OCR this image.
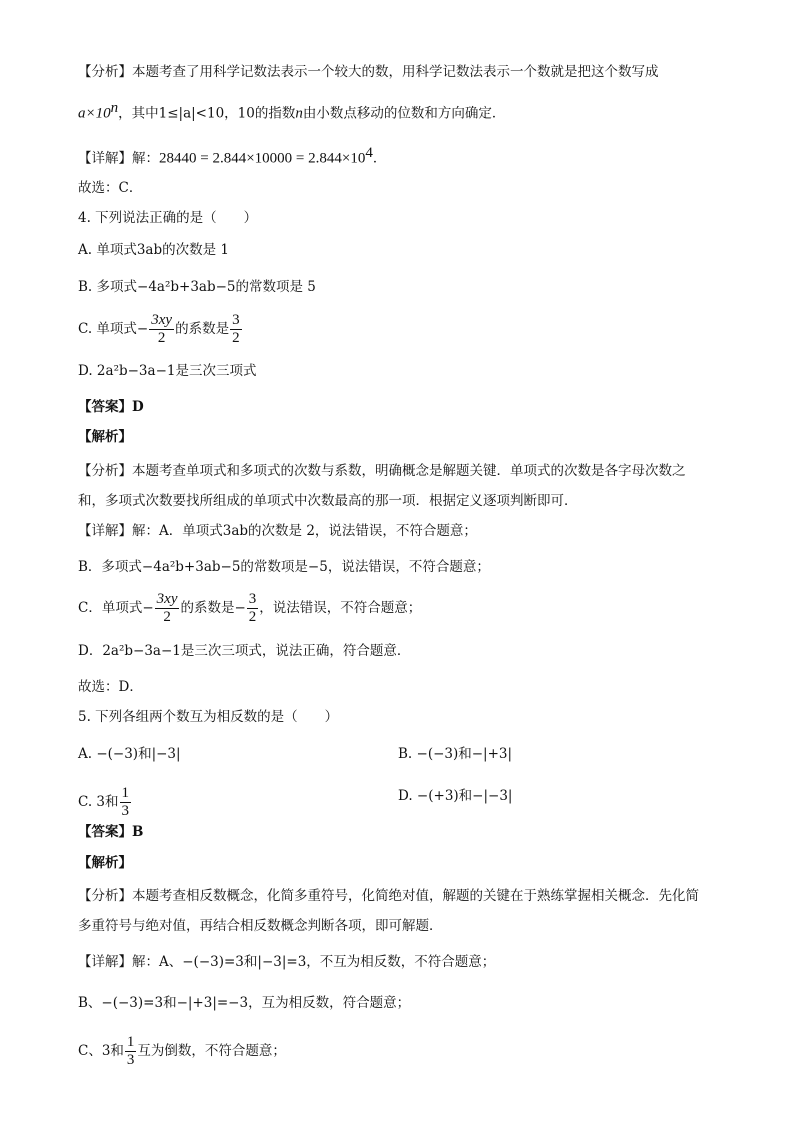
【分析】本题考查了用科学记数法表示一个较大的数，用科学记数法表示一个数就是把这个数写成
$a\times 10^n$，其中1≤|a|<10，10的指数n由小数点移动的位数和方向确定．
【详解】解：$28440 = 2.844\times 10000 = 2.844\times 10^4$．
故选：C．
4. 下列说法正确的是（　　）
A. 单项式3ab的次数是 1
B. 多项式−4a²b+3ab−5的常数项是 5
C. 单项式− $\frac{3xy}{2}$ 的系数是 $\frac{3}{2}$
D. 2a²b−3a−1是三次三项式
【答案】D
【解析】
【分析】本题考查单项式和多项式的次数与系数，明确概念是解题关键．单项式的次数是各字母次数之
和，多项式次数要找所组成的单项式中次数最高的那一项．根据定义逐项判断即可．
【详解】解：A．单项式3ab的次数是 2，说法错误，不符合题意；
B．多项式−4a²b+3ab−5的常数项是−5，说法错误，不符合题意；
C．单项式− $\frac{3xy}{2}$ 的系数是− $\frac{3}{2}$ ，说法错误，不符合题意；
D．2a²b−3a−1是三次三项式，说法正确，符合题意．
故选：D．
5. 下列各组两个数互为相反数的是（　　）
A. −(−3)和|−3|	B. −(−3)和−|+3|
C. 3和 $\frac{1}{3}$	D. −(+3)和−|−3|
【答案】B
【解析】
【分析】本题考查相反数概念，化简多重符号，化简绝对值，解题的关键在于熟练掌握相关概念．先化简
多重符号与绝对值，再结合相反数概念判断各项，即可解题．
【详解】解：A、−(−3)=3和|−3|=3，不互为相反数，不符合题意；
B、−(−3)=3和−|+3|=−3，互为相反数，符合题意；
C、3和 $\frac{1}{3}$ 互为倒数，不符合题意；
